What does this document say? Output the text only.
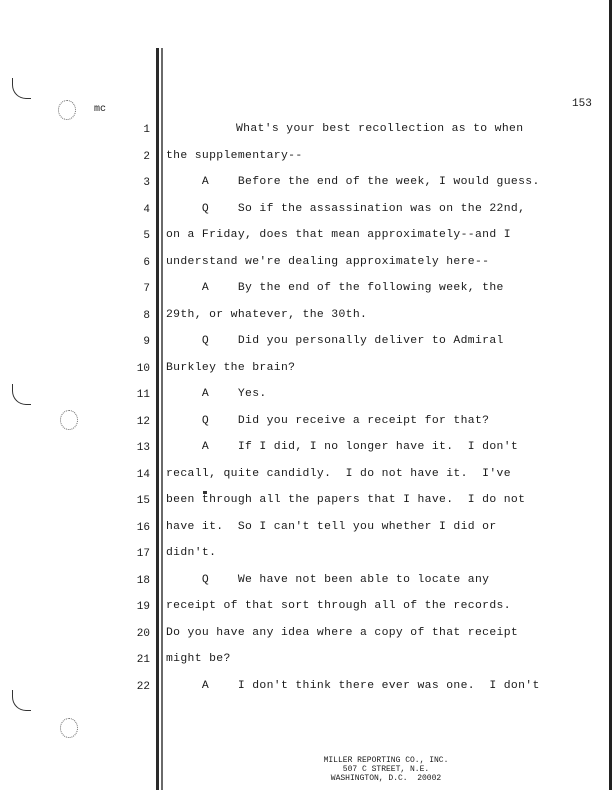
mc	153
1	What's your best recollection as to when
2 the supplementary--
3 A    Before the end of the week, I would guess.
4 Q    So if the assassination was on the 22nd,
5 on a Friday, does that mean approximately--and I
6 understand we're dealing approximately here--
7 A    By the end of the following week, the
8 29th, or whatever, the 30th.
9 Q    Did you personally deliver to Admiral
10 Burkley the brain?
11 A    Yes.
12 Q    Did you receive a receipt for that?
13 A    If I did, I no longer have it.  I don't
14 recall, quite candidly.  I do not have it.  I've
15 been through all the papers that I have.  I do not
16 have it.  So I can't tell you whether I did or
17 didn't.
18 Q    We have not been able to locate any
19 receipt of that sort through all of the records.
20 Do you have any idea where a copy of that receipt
21 might be?
22 A    I don't think there ever was one.  I don't
MILLER REPORTING CO., INC.
507 C STREET, N.E.
WASHINGTON, D.C.  20002
